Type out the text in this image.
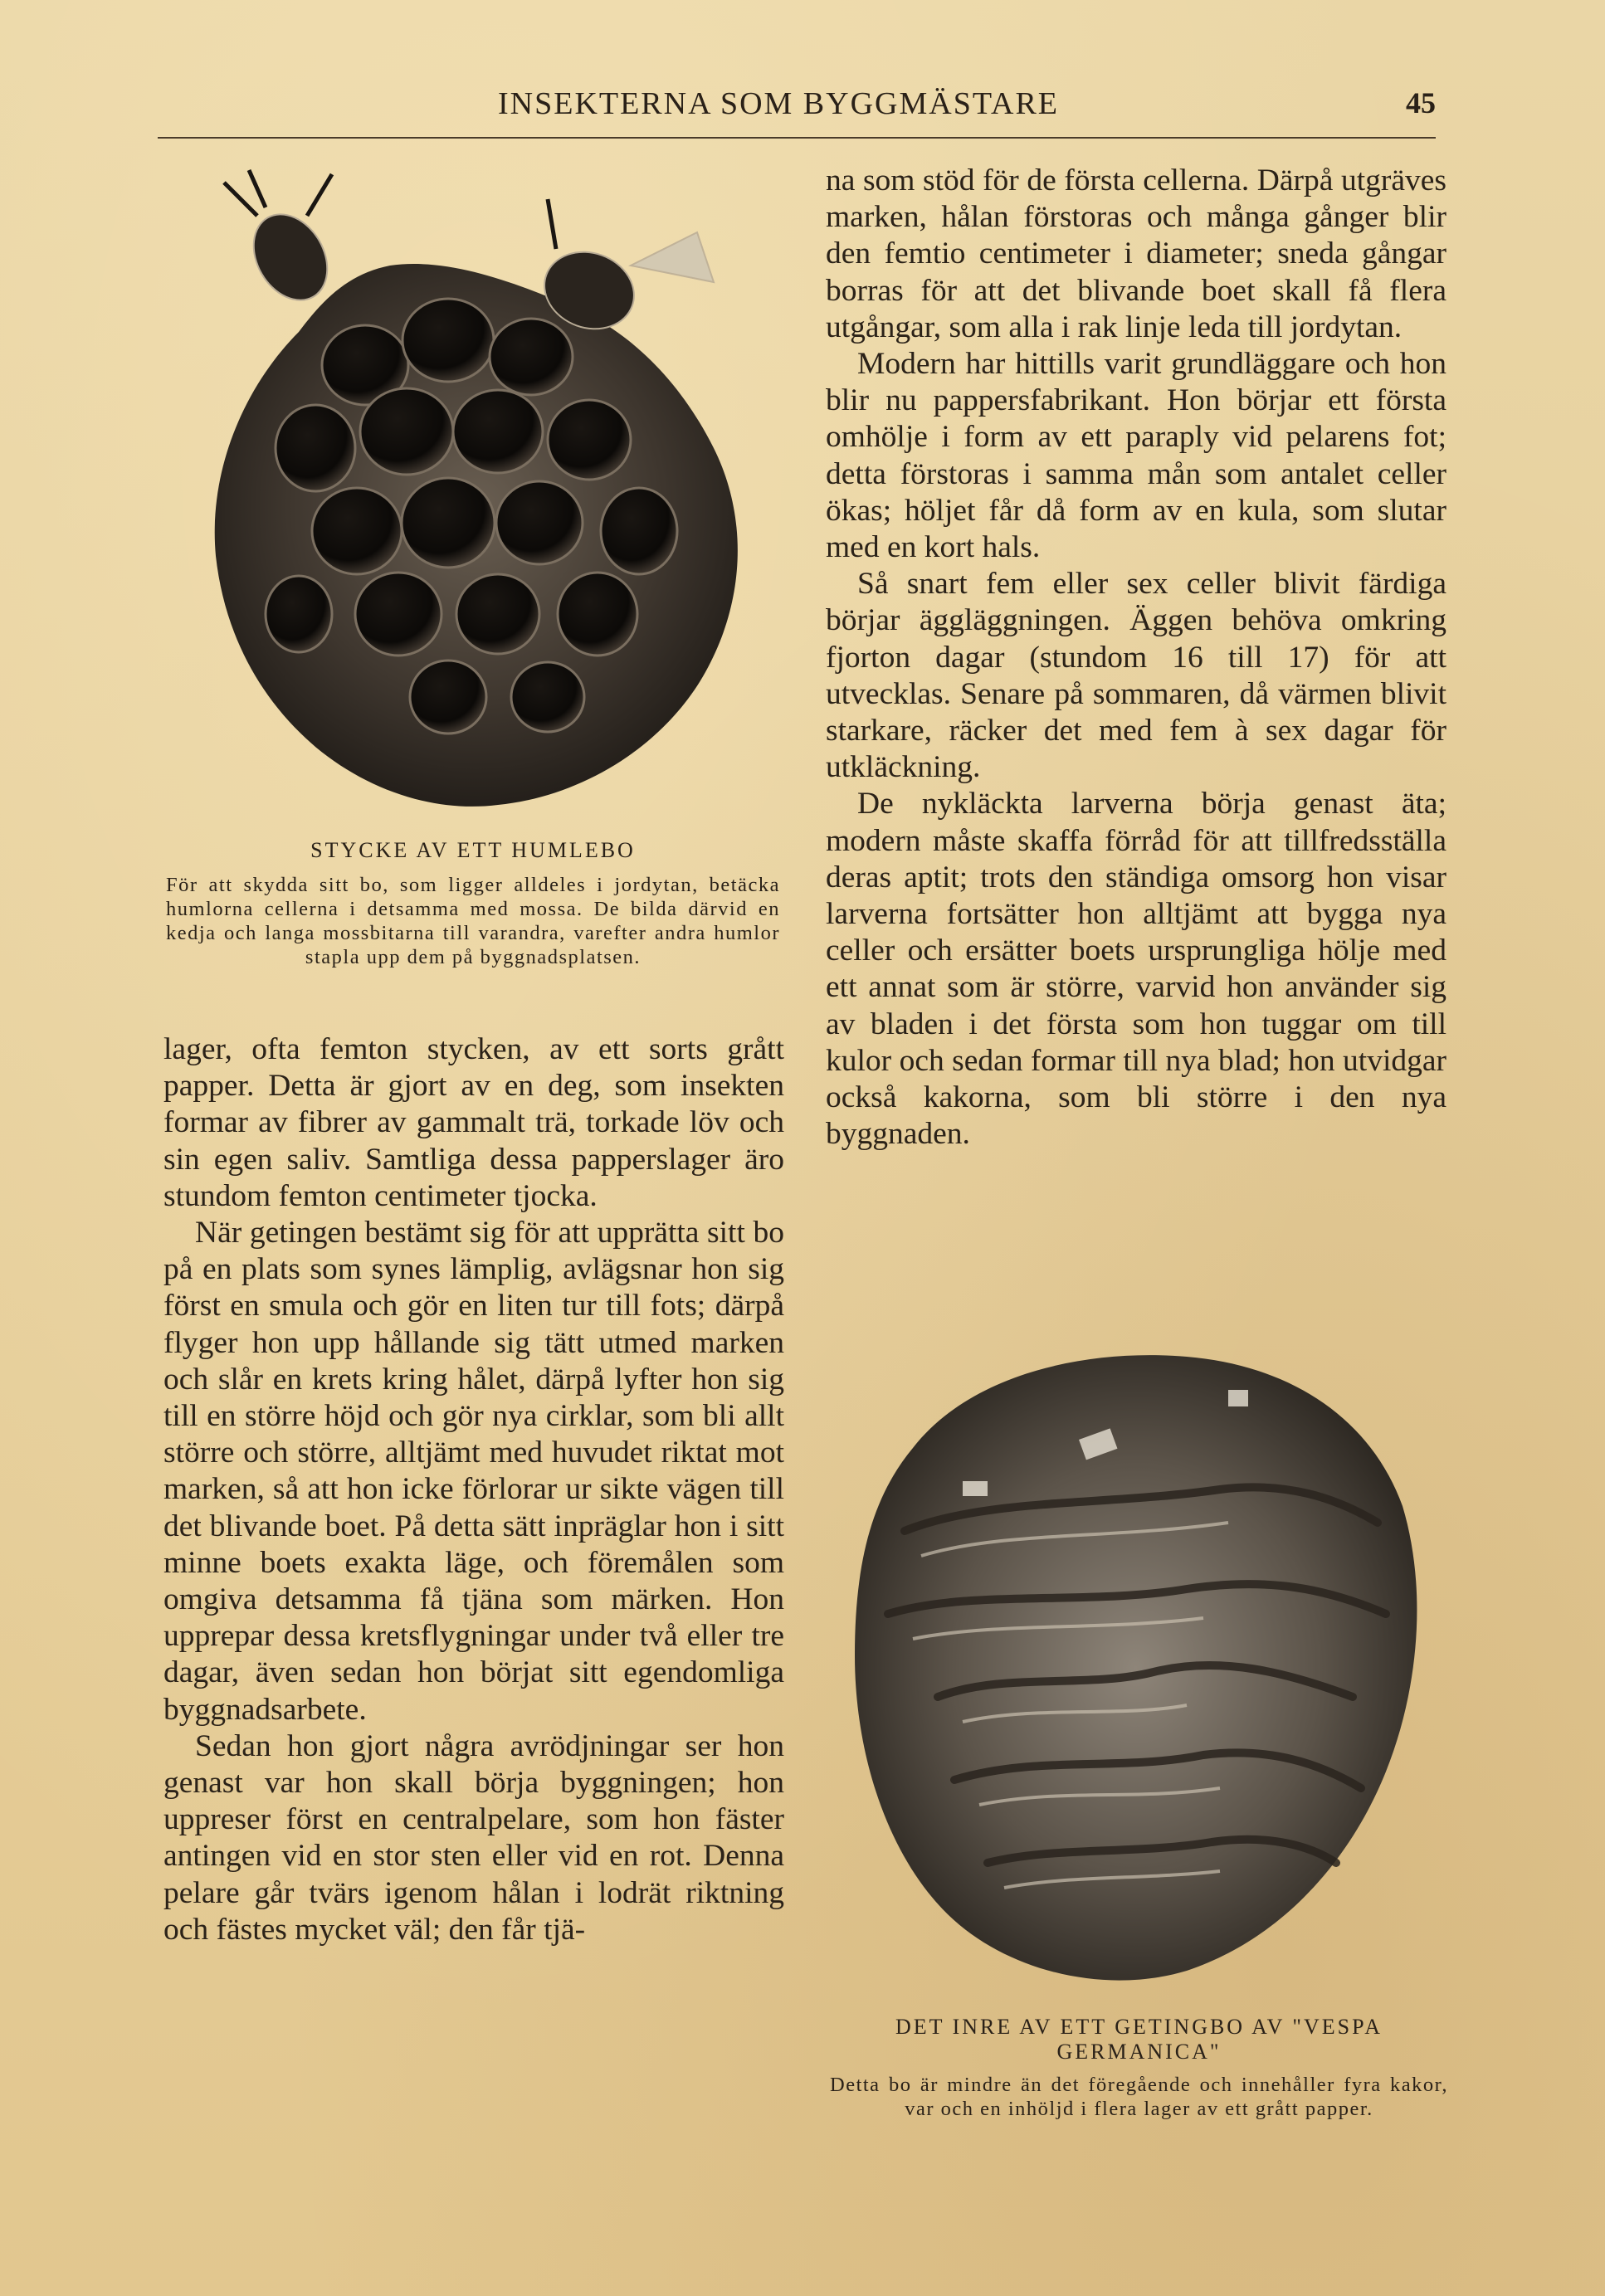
INSEKTERNA SOM BYGGMÄSTARE	45
STYCKE AV ETT HUMLEBO
För att skydda sitt bo, som ligger alldeles i jordytan, betäcka humlorna cellerna i detsamma med mossa. De bilda därvid en kedja och langa mossbitarna till varandra, varefter andra humlor stapla upp dem på byggnadsplatsen.

lager, ofta femton stycken, av ett sorts grått papper. Detta är gjort av en deg, som insekten formar av fibrer av gammalt trä, torkade löv och sin egen saliv. Samtliga dessa papperslager äro stundom femton centimeter tjocka.

När getingen bestämt sig för att upprätta sitt bo på en plats som synes lämplig, avlägsnar hon sig först en smula och gör en liten tur till fots; därpå flyger hon upp hållande sig tätt utmed marken och slår en krets kring hålet, därpå lyfter hon sig till en större höjd och gör nya cirklar, som bli allt större och större, alltjämt med huvudet riktat mot marken, så att hon icke förlorar ur sikte vägen till det blivande boet. På detta sätt inpräglar hon i sitt minne boets exakta läge, och föremålen som omgiva detsamma få tjäna som märken. Hon upprepar dessa kretsflygningar under två eller tre dagar, även sedan hon börjat sitt egendomliga byggnadsarbete.

Sedan hon gjort några avrödjningar ser hon genast var hon skall börja byggningen; hon uppreser först en centralpelare, som hon fäster antingen vid en stor sten eller vid en rot. Denna pelare går tvärs igenom hålan i lodrät riktning och fästes mycket väl; den får tjä-

na som stöd för de första cellerna. Därpå utgräves marken, hålan förstoras och många gånger blir den femtio centimeter i diameter; sneda gångar borras för att det blivande boet skall få flera utgångar, som alla i rak linje leda till jordytan.

Modern har hittills varit grundläggare och hon blir nu pappersfabrikant. Hon börjar ett första omhölje i form av ett paraply vid pelarens fot; detta förstoras i samma mån som antalet celler ökas; höljet får då form av en kula, som slutar med en kort hals.

Så snart fem eller sex celler blivit färdiga börjar äggläggningen. Äggen behöva omkring fjorton dagar (stundom 16 till 17) för att utvecklas. Senare på sommaren, då värmen blivit starkare, räcker det med fem à sex dagar för utkläckning.

De nykläckta larverna börja genast äta; modern måste skaffa förråd för att tillfredsställa deras aptit; trots den ständiga omsorg hon visar larverna fortsätter hon alltjämt att bygga nya celler och ersätter boets ursprungliga hölje med ett annat som är större, varvid hon använder sig av bladen i det första som hon tuggar om till kulor och sedan formar till nya blad; hon utvidgar också kakorna, som bli större i den nya byggnaden.

DET INRE AV ETT GETINGBO AV "VESPA GERMANICA"
Detta bo är mindre än det föregående och innehåller fyra kakor, var och en inhöljd i flera lager av ett grått papper.
